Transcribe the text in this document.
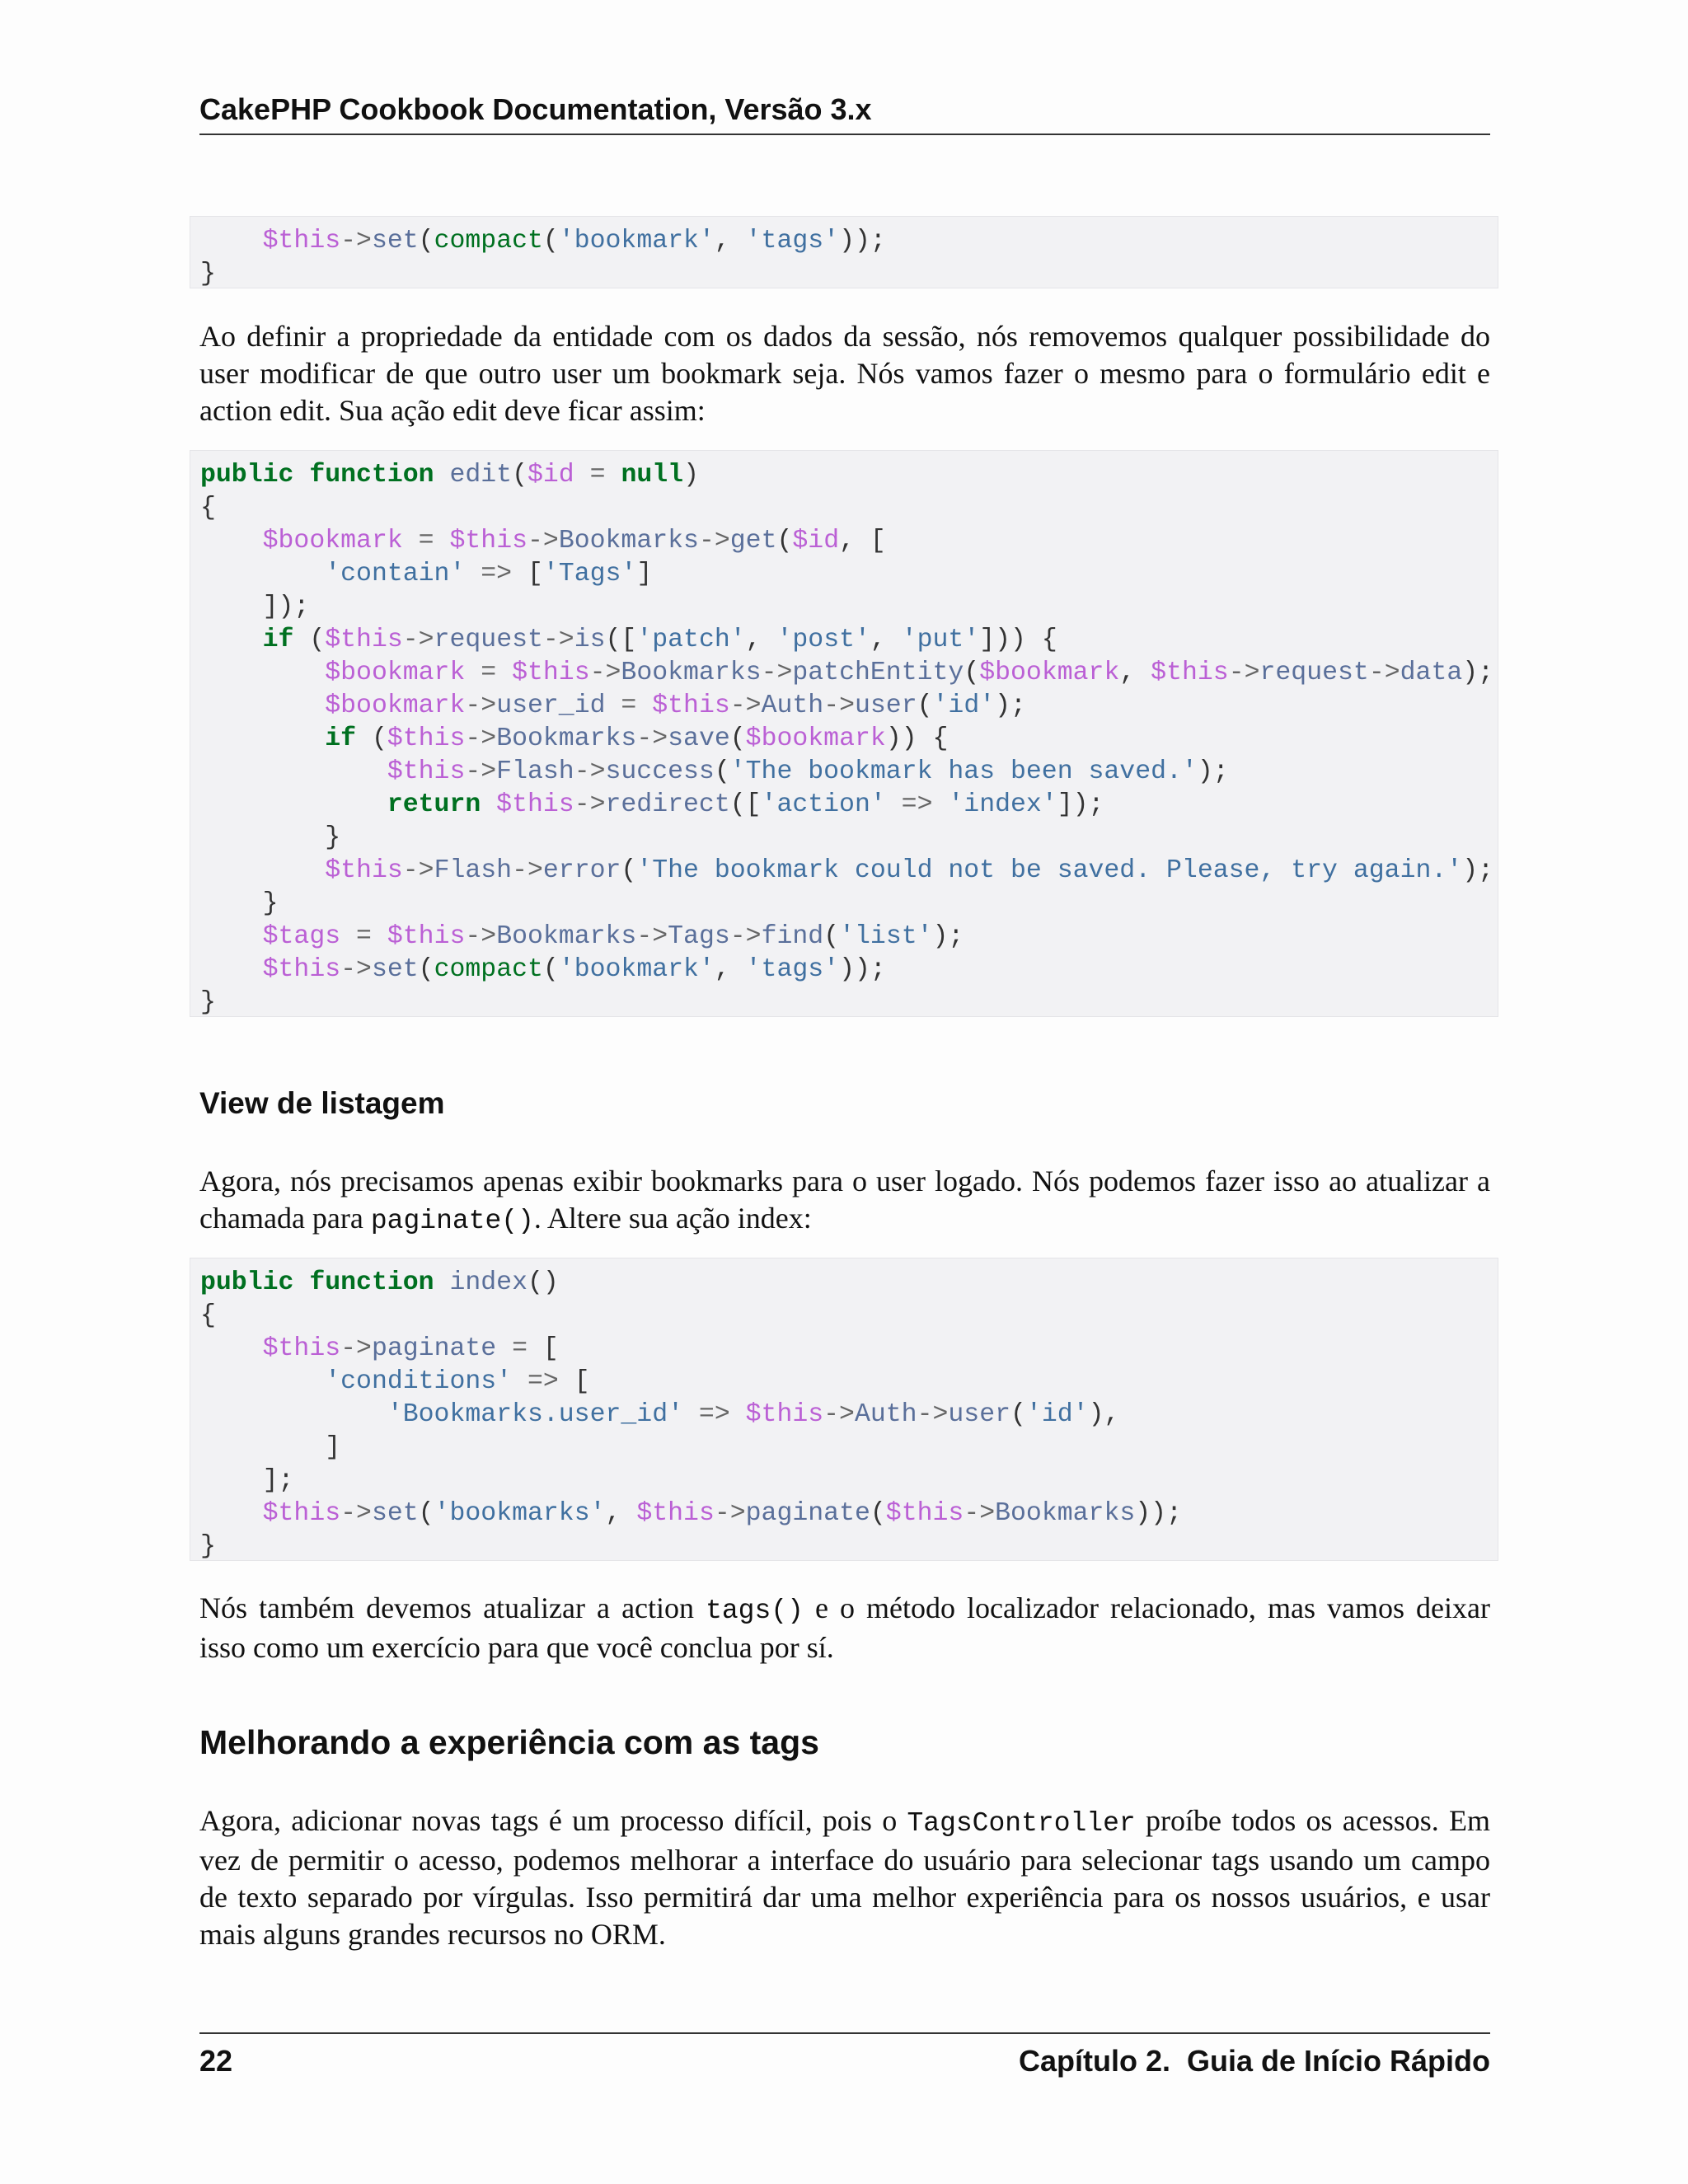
CakePHP Cookbook Documentation, Versão 3.x
$this->set(compact('bookmark', 'tags'));
}
Ao definir a propriedade da entidade com os dados da sessão, nós removemos qualquer possibilidade do
user modificar de que outro user um bookmark seja. Nós vamos fazer o mesmo para o formulário edit e
action edit. Sua ação edit deve ficar assim:
public function edit($id = null)
{
$bookmark = $this->Bookmarks->get($id, [
'contain' => ['Tags']
]);
if ($this->request->is(['patch', 'post', 'put'])) {
$bookmark = $this->Bookmarks->patchEntity($bookmark, $this->request->data);
$bookmark->user_id = $this->Auth->user('id');
if ($this->Bookmarks->save($bookmark)) {
$this->Flash->success('The bookmark has been saved.');
return $this->redirect(['action' => 'index']);
}
$this->Flash->error('The bookmark could not be saved. Please, try again.');
}
$tags = $this->Bookmarks->Tags->find('list');
$this->set(compact('bookmark', 'tags'));
}
View de listagem
Agora, nós precisamos apenas exibir bookmarks para o user logado. Nós podemos fazer isso ao atualizar a
chamada para paginate(). Altere sua ação index:
public function index()
{
$this->paginate = [
'conditions' => [
'Bookmarks.user_id' => $this->Auth->user('id'),
]
];
$this->set('bookmarks', $this->paginate($this->Bookmarks));
}
Nós também devemos atualizar a action tags() e o método localizador relacionado, mas vamos deixar
isso como um exercício para que você conclua por sí.
Melhorando a experiência com as tags
Agora, adicionar novas tags é um processo difícil, pois o TagsController proíbe todos os acessos. Em
vez de permitir o acesso, podemos melhorar a interface do usuário para selecionar tags usando um campo
de texto separado por vírgulas. Isso permitirá dar uma melhor experiência para os nossos usuários, e usar
mais alguns grandes recursos no ORM.
22	Capítulo 2.  Guia de Início Rápido
